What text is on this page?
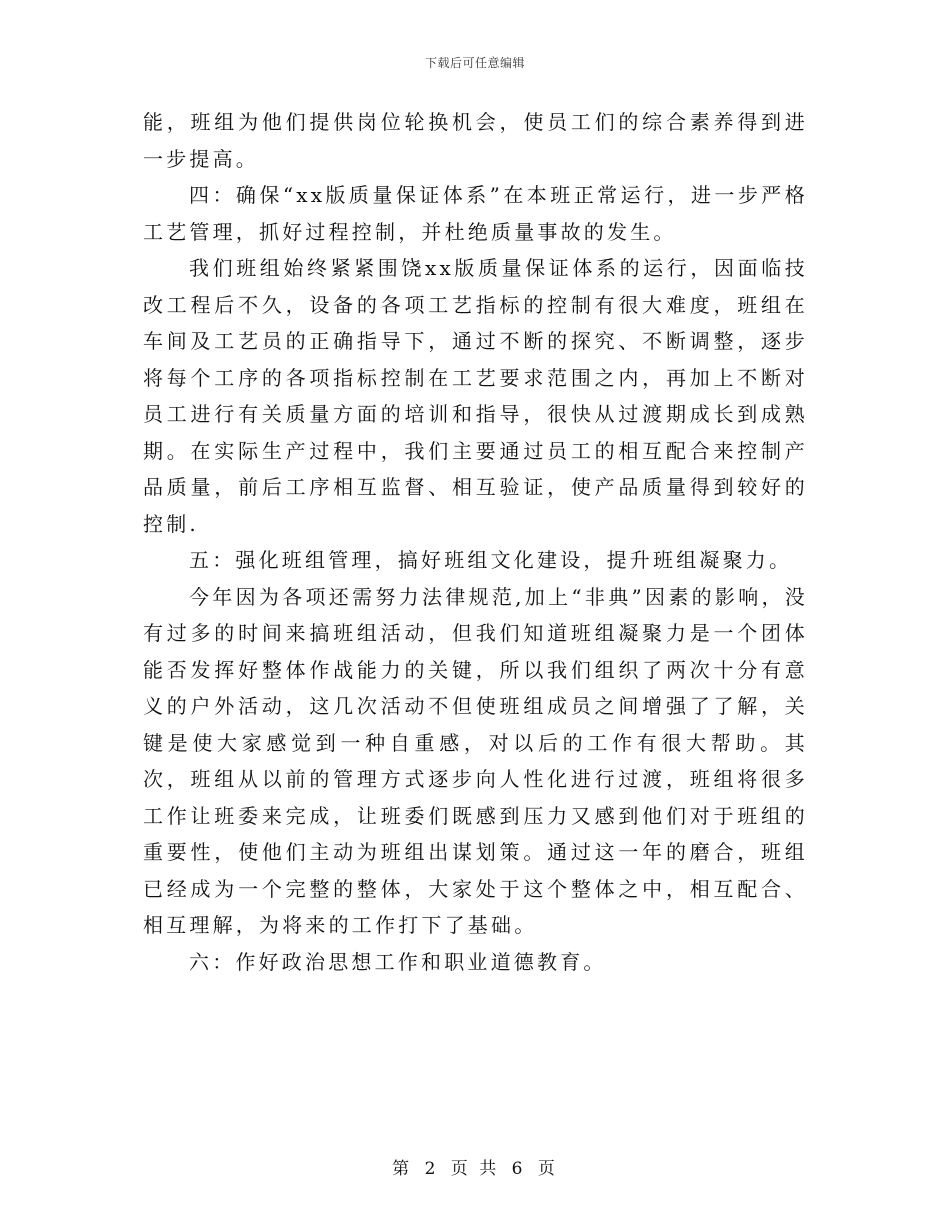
下载后可任意编辑

能，班组为他们提供岗位轮换机会，使员工们的综合素养得到进一步提高。

四：确保“xx版质量保证体系”在本班正常运行，进一步严格工艺管理，抓好过程控制，并杜绝质量事故的发生。

我们班组始终紧紧围饶xx版质量保证体系的运行，因面临技改工程后不久，设备的各项工艺指标的控制有很大难度，班组在车间及工艺员的正确指导下，通过不断的探究、不断调整，逐步将每个工序的各项指标控制在工艺要求范围之内，再加上不断对员工进行有关质量方面的培训和指导，很快从过渡期成长到成熟期。在实际生产过程中，我们主要通过员工的相互配合来控制产品质量，前后工序相互监督、相互验证，使产品质量得到较好的控制.

五：强化班组管理，搞好班组文化建设，提升班组凝聚力。

今年因为各项还需努力法律规范,加上“非典”因素的影响，没有过多的时间来搞班组活动，但我们知道班组凝聚力是一个团体能否发挥好整体作战能力的关键，所以我们组织了两次十分有意义的户外活动，这几次活动不但使班组成员之间增强了了解，关键是使大家感觉到一种自重感，对以后的工作有很大帮助。其次，班组从以前的管理方式逐步向人性化进行过渡，班组将很多工作让班委来完成，让班委们既感到压力又感到他们对于班组的重要性，使他们主动为班组出谋划策。通过这一年的磨合，班组已经成为一个完整的整体，大家处于这个整体之中，相互配合、相互理解，为将来的工作打下了基础。

六：作好政治思想工作和职业道德教育。

第 2 页 共 6 页
